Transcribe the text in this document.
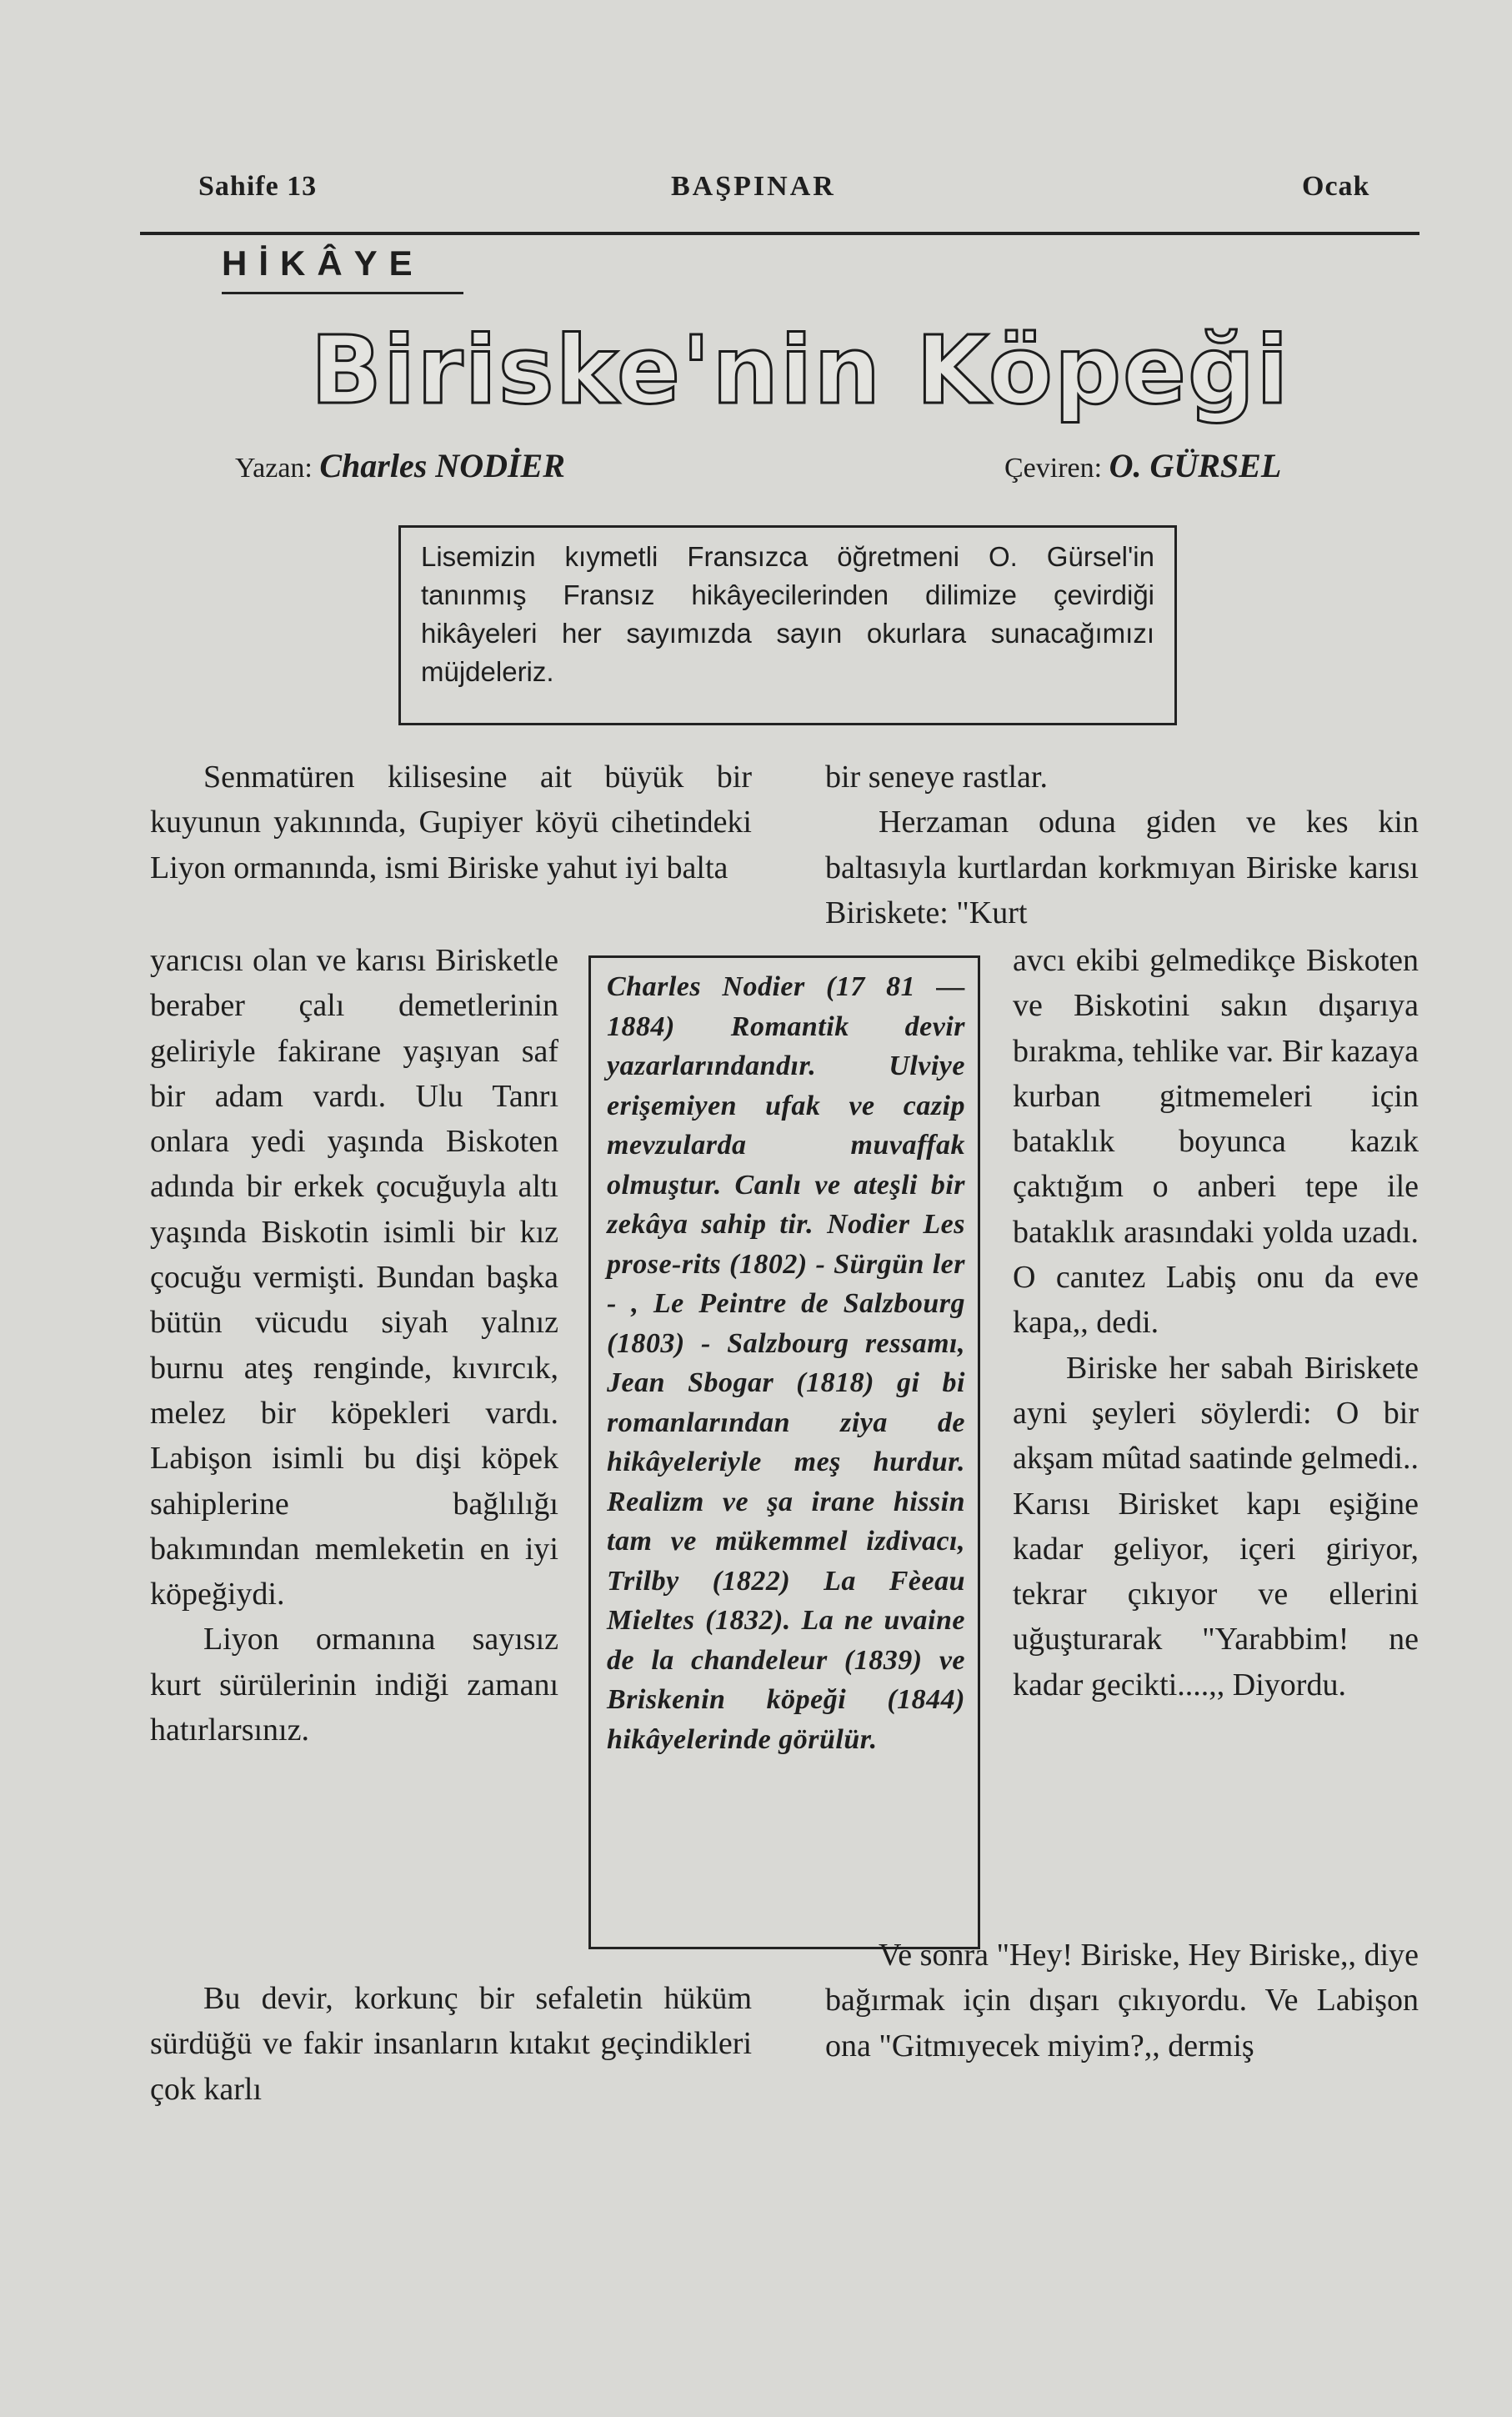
Sahife 13	BAŞPINAR	Ocak
HİKÂYE
Biriske'nin Köpeği
Yazan: Charles NODİER	Çeviren: O. GÜRSEL
Lisemizin kıymetli Fransızca öğretmeni O. Gürsel'in tanınmış Fransız hikâyecilerinden dilimize çevirdiği hikâyeleri her sayımızda sayın okurlara sunacağımızı müjdeleriz.

Senmatüren kilisesine ait büyük bir kuyunun yakınında, Gupiyer köyü cihetindeki Liyon ormanında, ismi Biriske yahut iyi balta

yarıcısı olan ve karısı Birisketle beraber çalı demetlerinin geliriyle fakirane yaşıyan saf bir adam vardı. Ulu Tanrı onlara yedi yaşında Biskoten adında bir erkek çocuğuyla altı yaşında Biskotin isimli bir kız çocuğu vermişti. Bundan başka bütün vücudu siyah yalnız burnu ateş renginde, kıvırcık, melez bir köpekleri vardı. Labişon isimli bu dişi köpek sahiplerine bağlılığı bakımından memleketin en iyi köpeğiydi.

Liyon ormanına sayısız kurt sürülerinin indiği zamanı hatırlarsınız.

Bu devir, korkunç bir sefaletin hüküm sürdüğü ve fakir insanların kıtakıt geçindikleri çok karlı

Charles Nodier (17 81 — 1884) Romantik devir yazarlarındandır. Ulviye erişemiyen ufak ve cazip mevzularda muvaffak olmuştur. Canlı ve ateşli bir zekâya sahip tir. Nodier Les prose-rits (1802) - Sürgün ler - , Le Peintre de Salzbourg (1803) - Salzbourg ressamı, Jean Sbogar (1818) gi bi romanlarından ziya de hikâyeleriyle meş hurdur. Realizm ve şa irane hissin tam ve mükemmel izdivacı, Trilby (1822) La Fèeau Mieltes (1832). La ne uvaine de la chandeleur (1839) ve Briskenin köpeği (1844) hikâyelerinde görülür.

bir seneye rastlar.

Herzaman oduna giden ve kes kin baltasıyla kurtlardan korkmıyan Biriske karısı Biriskete: "Kurt

avcı ekibi gelmedikçe Biskoten ve Biskotini sakın dışarıya bırakma, tehlike var. Bir kazaya kurban gitmemeleri için bataklık boyunca kazık çaktığım o anberi tepe ile bataklık arasındaki yolda uzadı. O canıtez Labiş onu da eve kapa,, dedi.

Biriske her sabah Biriskete ayni şeyleri söylerdi: O bir akşam mûtad saatinde gelmedi.. Karısı Birisket kapı eşiğine kadar geliyor, içeri giriyor, tekrar çıkıyor ve ellerini uğuşturarak "Yarabbim! ne kadar gecikti....,, Diyordu.

Ve sonra "Hey! Biriske, Hey Biriske,, diye bağırmak için dışarı çıkıyordu. Ve Labişon ona "Gitmıyecek miyim?,, dermiş
